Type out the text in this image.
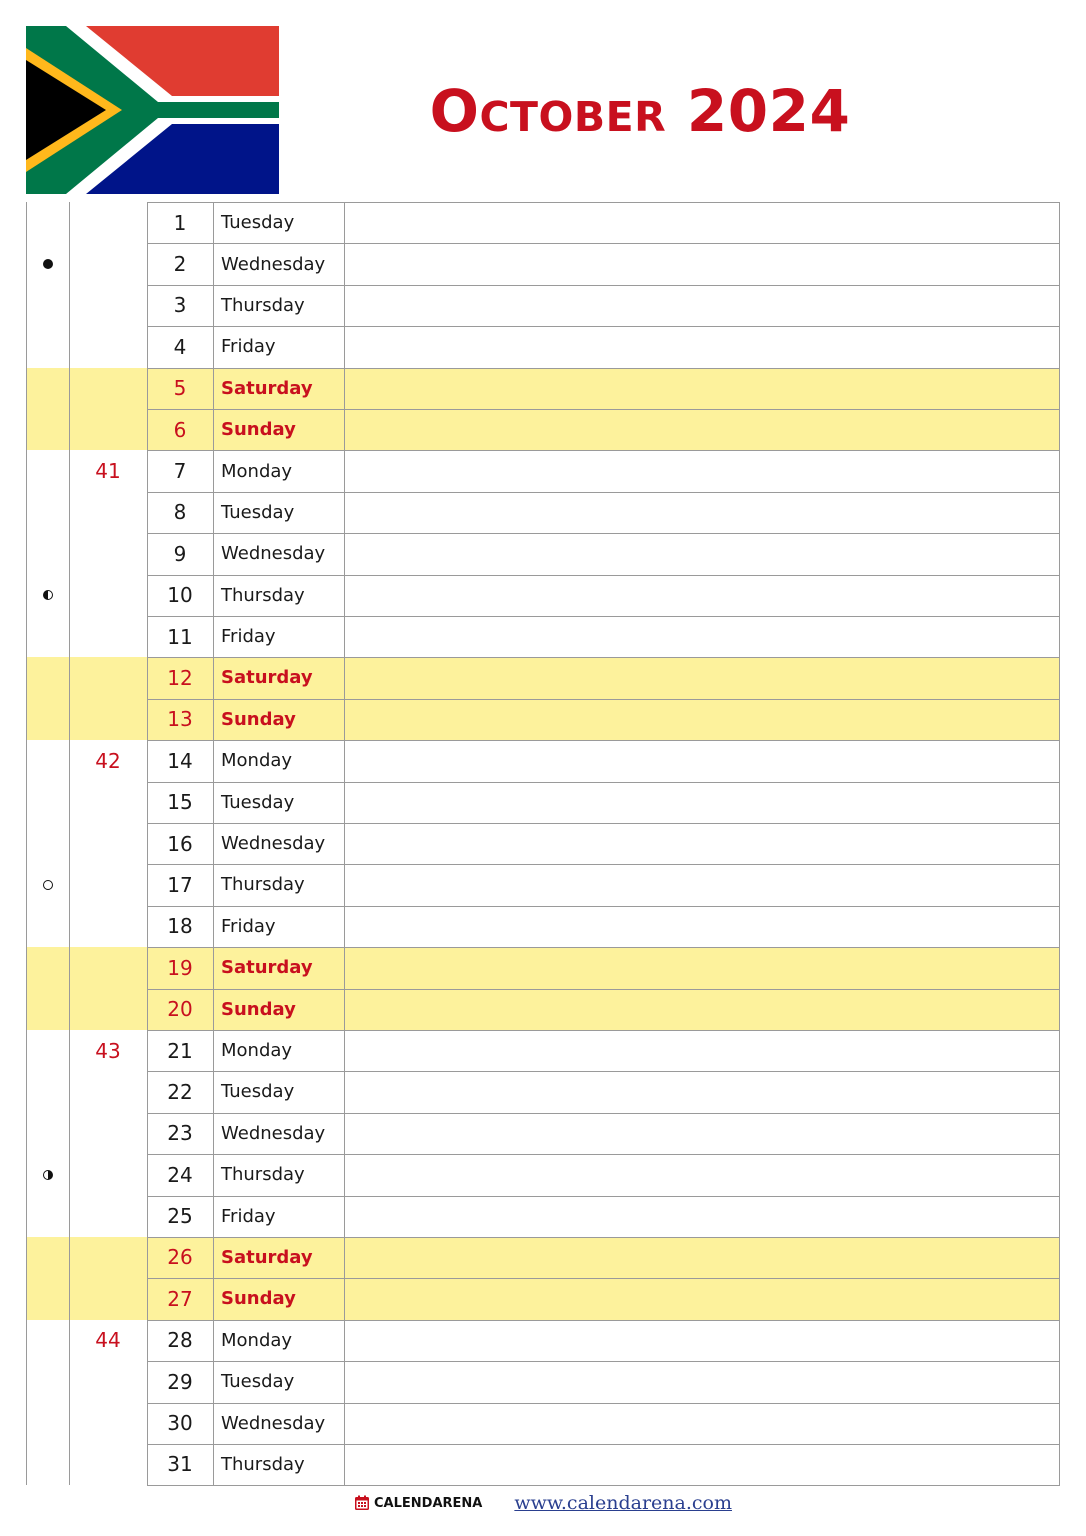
October 2024
1	Tuesday
2	Wednesday
3	Thursday
4	Friday
5	Saturday
6	Sunday
41	7	Monday
8	Tuesday
9	Wednesday
10	Thursday
11	Friday
12	Saturday
13	Sunday
42	14	Monday
15	Tuesday
16	Wednesday
17	Thursday
18	Friday
19	Saturday
20	Sunday
43	21	Monday
22	Tuesday
23	Wednesday
24	Thursday
25	Friday
26	Saturday
27	Sunday
44	28	Monday
29	Tuesday
30	Wednesday
31	Thursday
CALENDARENA www.calendarena.com
